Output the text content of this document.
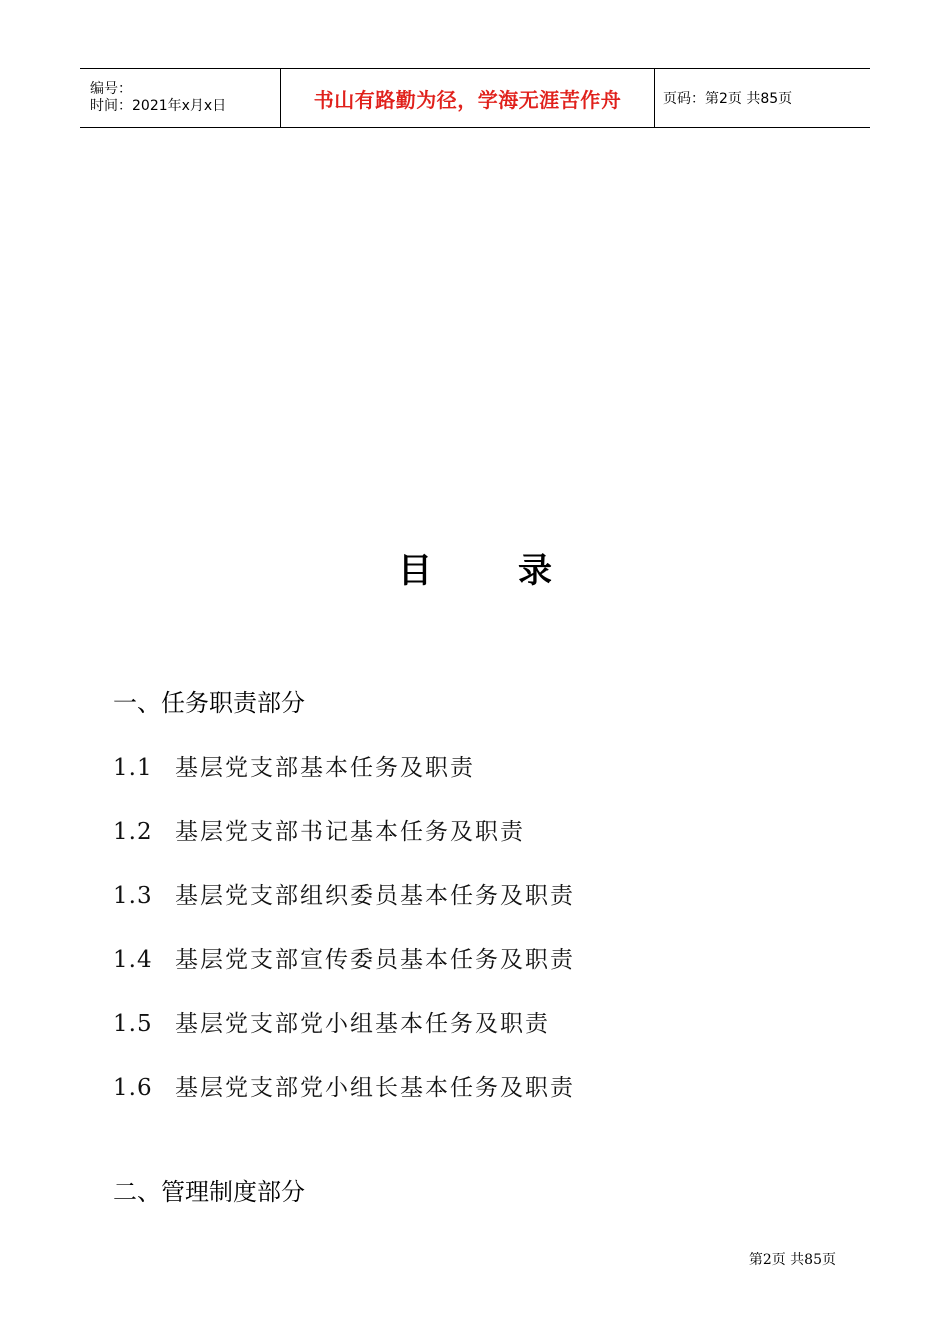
编号：
时间：2021年x月x日	书山有路勤为径，学海无涯苦作舟	页码：第2页 共85页
目	录
一、任务职责部分
1.1 基层党支部基本任务及职责
1.2 基层党支部书记基本任务及职责
1.3 基层党支部组织委员基本任务及职责
1.4 基层党支部宣传委员基本任务及职责
1.5 基层党支部党小组基本任务及职责
1.6 基层党支部党小组长基本任务及职责
二、管理制度部分
第2页 共85页
